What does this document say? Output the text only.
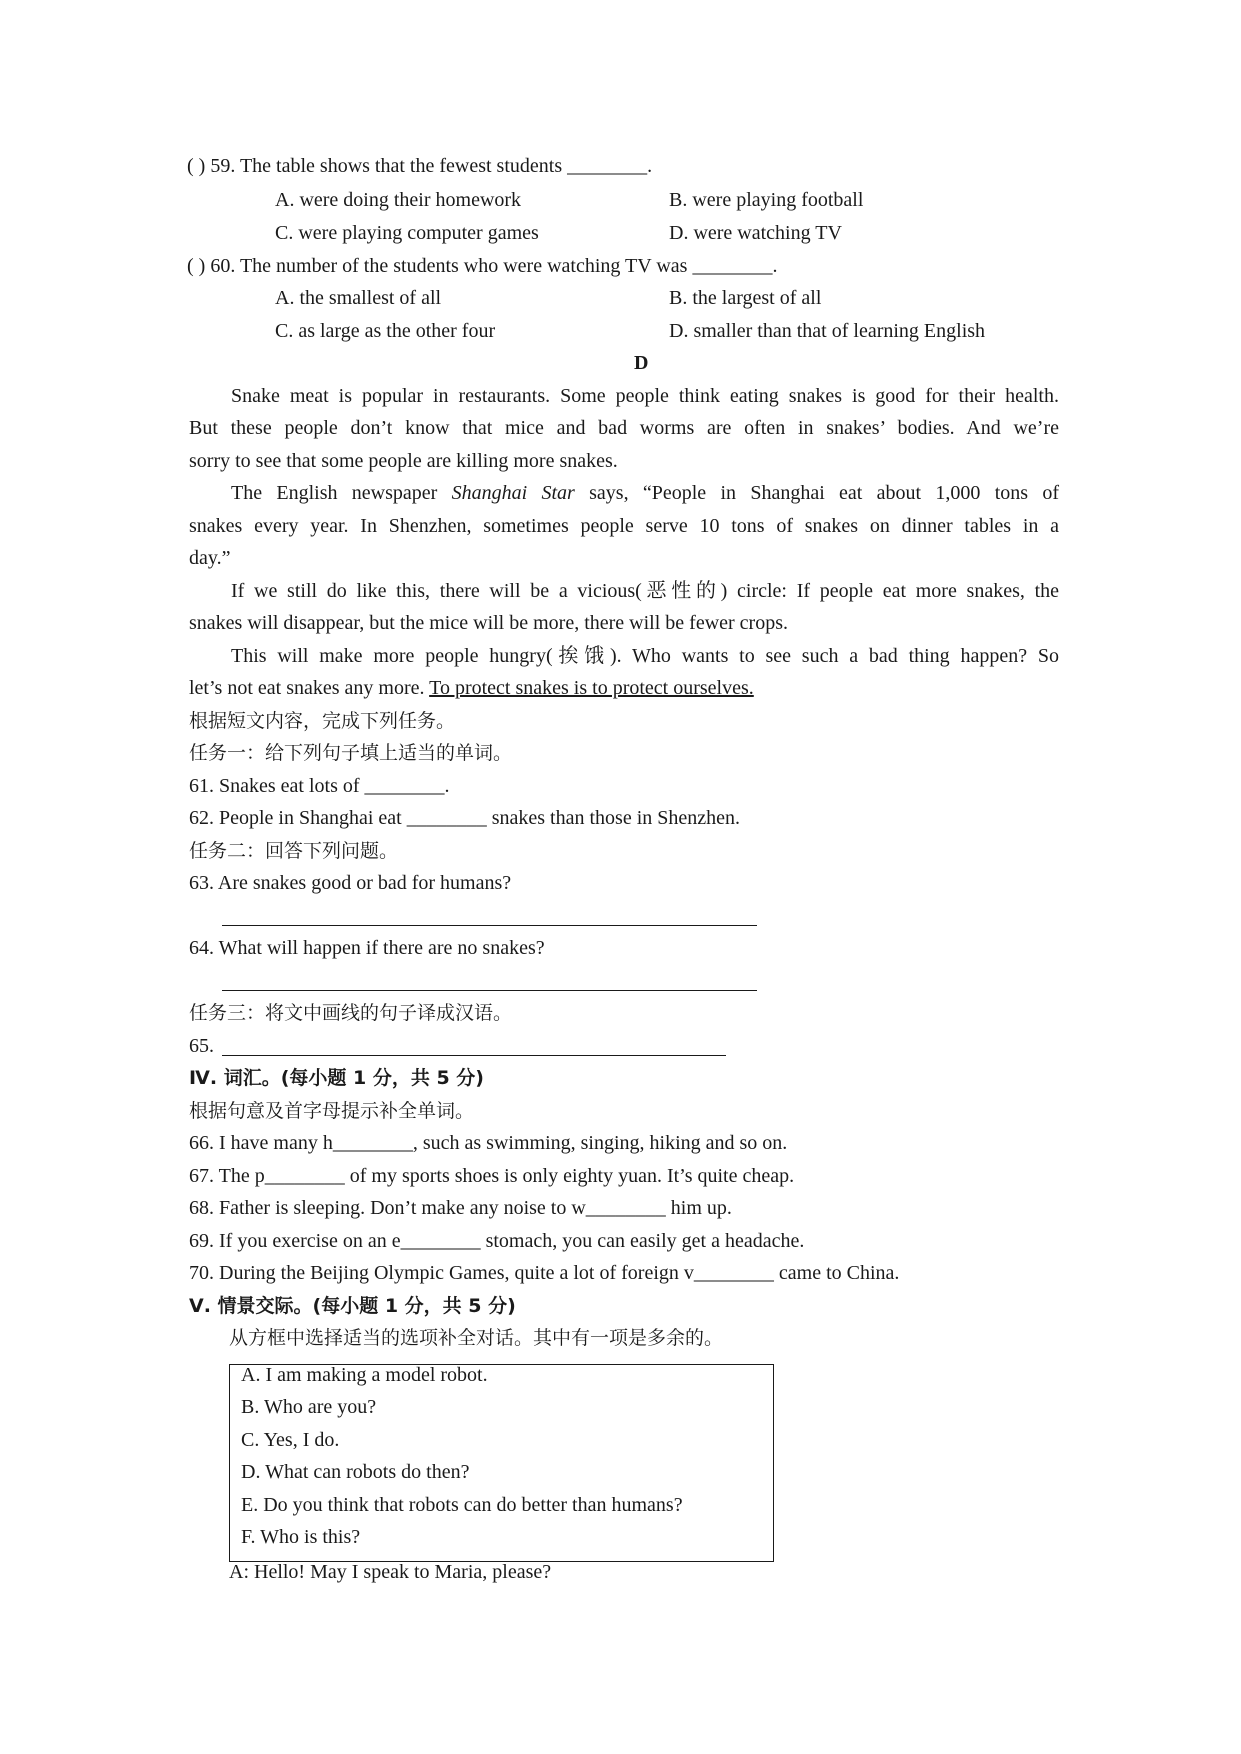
( ) 59. The table shows that the fewest students ________.
A. were doing their homework	B. were playing football
C. were playing computer games	D. were watching TV
( ) 60. The number of the students who were watching TV was ________.
A. the smallest of all	B. the largest of all
C. as large as the other four	D. smaller than that of learning English
D
Snake meat is popular in restaurants. Some people think eating snakes is good for their health.
But these people don’t know that mice and bad worms are often in snakes’ bodies. And we’re
sorry to see that some people are killing more snakes.
The English newspaper Shanghai Star says, “People in Shanghai eat about 1,000 tons of
snakes every year. In Shenzhen, sometimes people serve 10 tons of snakes on dinner tables in a
day.”
If we still do like this, there will be a vicious(恶性的) circle: If people eat more snakes, the
snakes will disappear, but the mice will be more, there will be fewer crops.
This will make more people hungry(挨饿). Who wants to see such a bad thing happen? So
let’s not eat snakes any more. To protect snakes is to protect ourselves.
根据短文内容，完成下列任务。
任务一：给下列句子填上适当的单词。
61. Snakes eat lots of ________.
62. People in Shanghai eat ________ snakes than those in Shenzhen.
任务二：回答下列问题。
63. Are snakes good or bad for humans?
64. What will happen if there are no snakes?
任务三：将文中画线的句子译成汉语。
65.
Ⅳ. 词汇。(每小题 1 分，共 5 分)
根据句意及首字母提示补全单词。
66. I have many h________, such as swimming, singing, hiking and so on.
67. The p________ of my sports shoes is only eighty yuan. It’s quite cheap.
68. Father is sleeping. Don’t make any noise to w________ him up.
69. If you exercise on an e________ stomach, you can easily get a headache.
70. During the Beijing Olympic Games, quite a lot of foreign v________ came to China.
Ⅴ. 情景交际。(每小题 1 分，共 5 分)
从方框中选择适当的选项补全对话。其中有一项是多余的。
A. I am making a model robot.
B. Who are you?
C. Yes, I do.
D. What can robots do then?
E. Do you think that robots can do better than humans?
F. Who is this?
A: Hello! May I speak to Maria, please?
